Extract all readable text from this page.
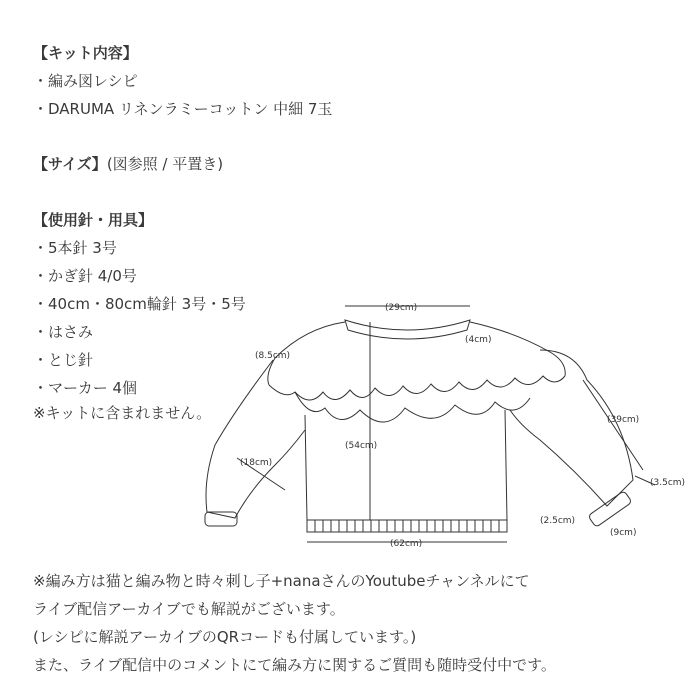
【キット内容】
・編み図レシピ
・DARUMA リネンラミーコットン 中細 7玉
【サイズ】(図参照 / 平置き)
【使用針・用具】
・5本針 3号
・かぎ針 4/0号
・40cm・80cm輪針 3号・5号
・はさみ
・とじ針
・マーカー 4個
※キットに含まれません。
(29cm)
(8.5cm)
(54cm)
(18cm)
(39cm)
(3.5cm)
(2.5cm)
(9cm)
(62cm)
(4cm)
※編み方は猫と編み物と時々刺し子+nanaさんのYoutubeチャンネルにて
ライブ配信アーカイブでも解説がございます。
(レシピに解説アーカイブのQRコードも付属しています。)
また、ライブ配信中のコメントにて編み方に関するご質問も随時受付中です。
